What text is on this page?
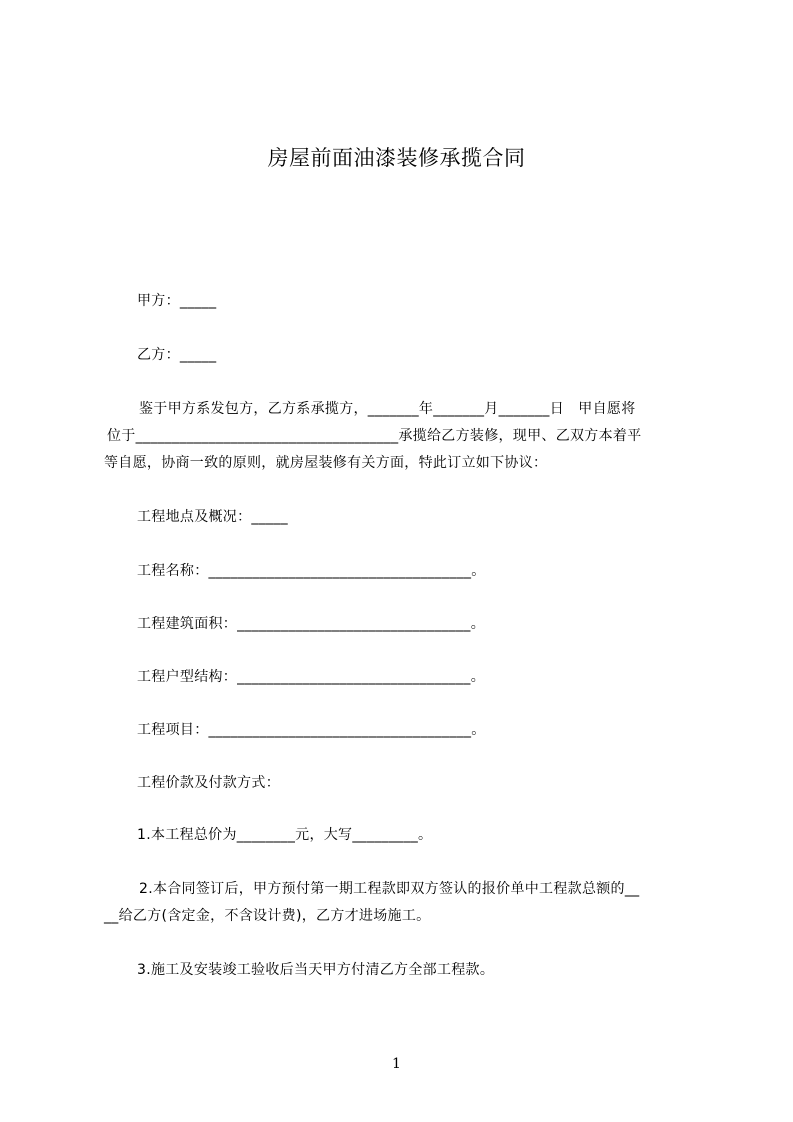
房屋前面油漆装修承揽合同
甲方：_____
乙方：_____
鉴于甲方系发包方，乙方系承揽方，_______年_______月_______日　甲自愿将
位于____________________________________承揽给乙方装修，现甲、乙双方本着平
等自愿，协商一致的原则，就房屋装修有关方面，特此订立如下协议：
工程地点及概况：_____
工程名称：____________________________________。
工程建筑面积：________________________________。
工程户型结构：________________________________。
工程项目：____________________________________。
工程价款及付款方式：
1.本工程总价为________元，大写_________。
2.本合同签订后，甲方预付第一期工程款即双方签认的报价单中工程款总额的__
__给乙方(含定金，不含设计费)，乙方才进场施工。
3.施工及安装竣工验收后当天甲方付清乙方全部工程款。
1
